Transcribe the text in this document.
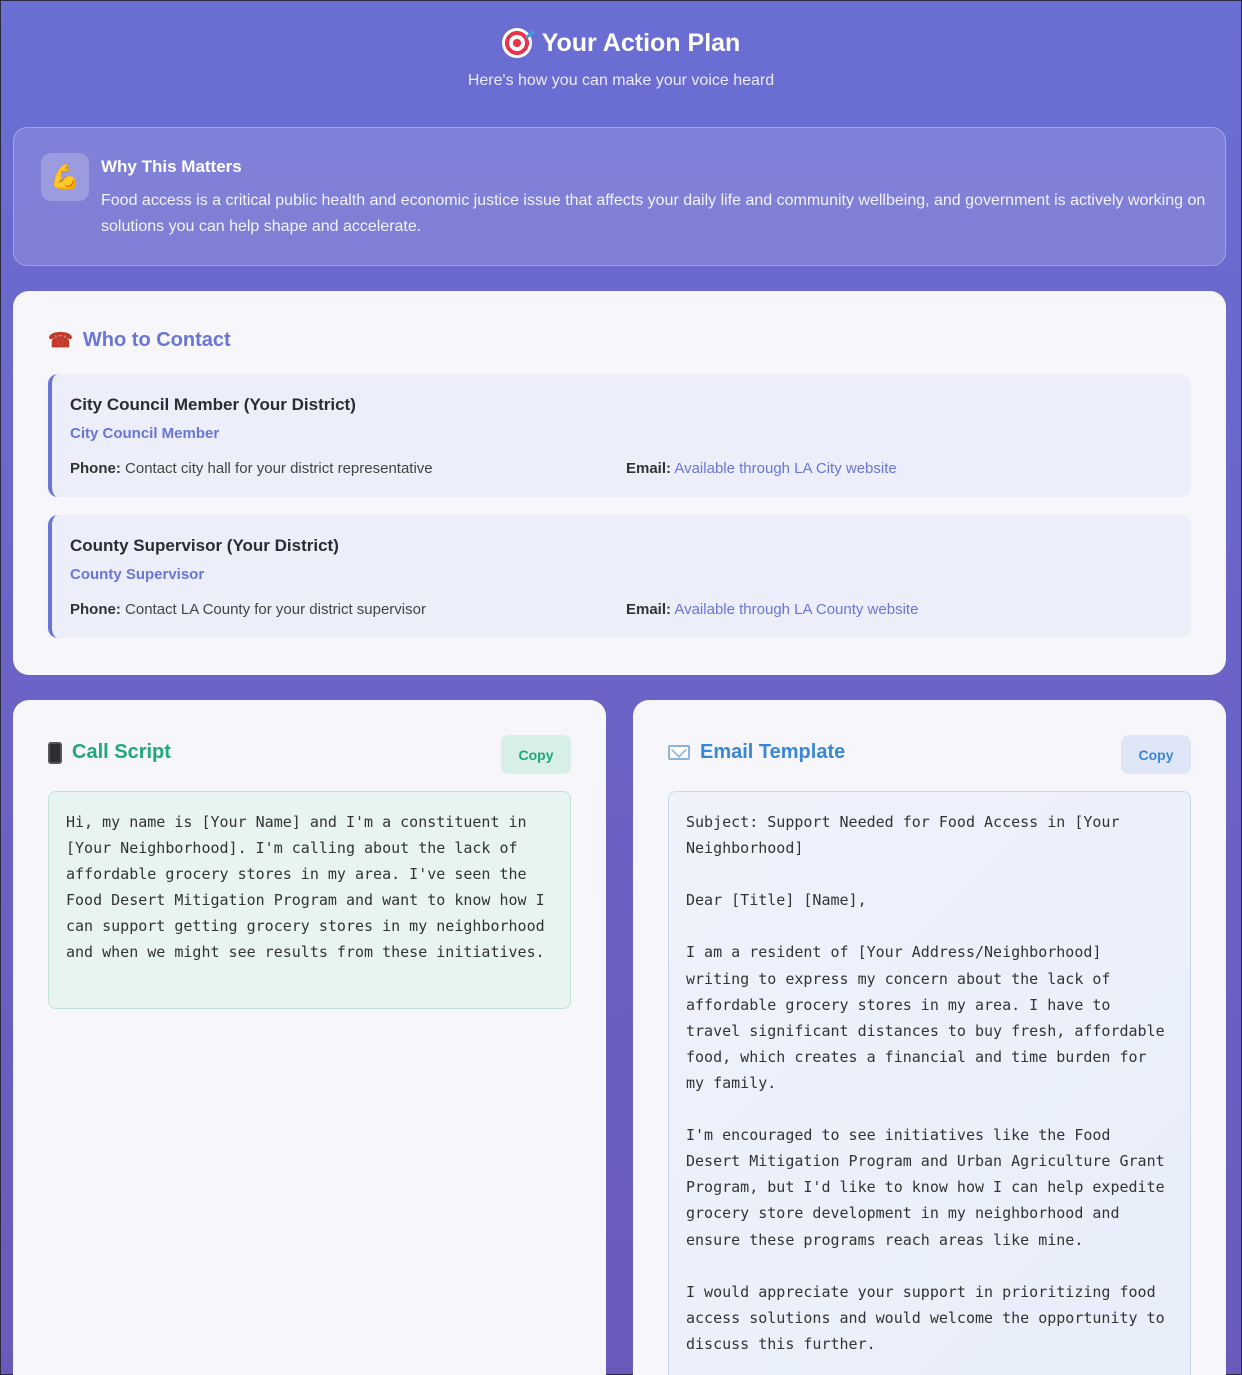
Your Action Plan

Here's how you can make your voice heard

💪	Why This Matters

Food access is a critical public health and economic justice issue that affects your daily life and community wellbeing, and government is actively working on solutions you can help shape and accelerate.

☎ Who to Contact
City Council Member (Your District)
City Council Member
Phone: Contact city hall for your district representative	Email: Available through LA City website
County Supervisor (Your District)
County Supervisor
Phone: Contact LA County for your district supervisor	Email: Available through LA County website
Call Script	Copy
Hi, my name is [Your Name] and I'm a constituent in [Your Neighborhood]. I'm calling about the lack of affordable grocery stores in my area. I've seen the Food Desert Mitigation Program and want to know how I can support getting grocery stores in my neighborhood and when we might see results from these initiatives.
Email Template	Copy
Subject: Support Needed for Food Access in [Your Neighborhood]

Dear [Title] [Name],

I am a resident of [Your Address/Neighborhood] writing to express my concern about the lack of affordable grocery stores in my area. I have to travel significant distances to buy fresh, affordable food, which creates a financial and time burden for my family.

I'm encouraged to see initiatives like the Food Desert Mitigation Program and Urban Agriculture Grant Program, but I'd like to know how I can help expedite grocery store development in my neighborhood and ensure these programs reach areas like mine.

I would appreciate your support in prioritizing food access solutions and would welcome the opportunity to discuss this further.
